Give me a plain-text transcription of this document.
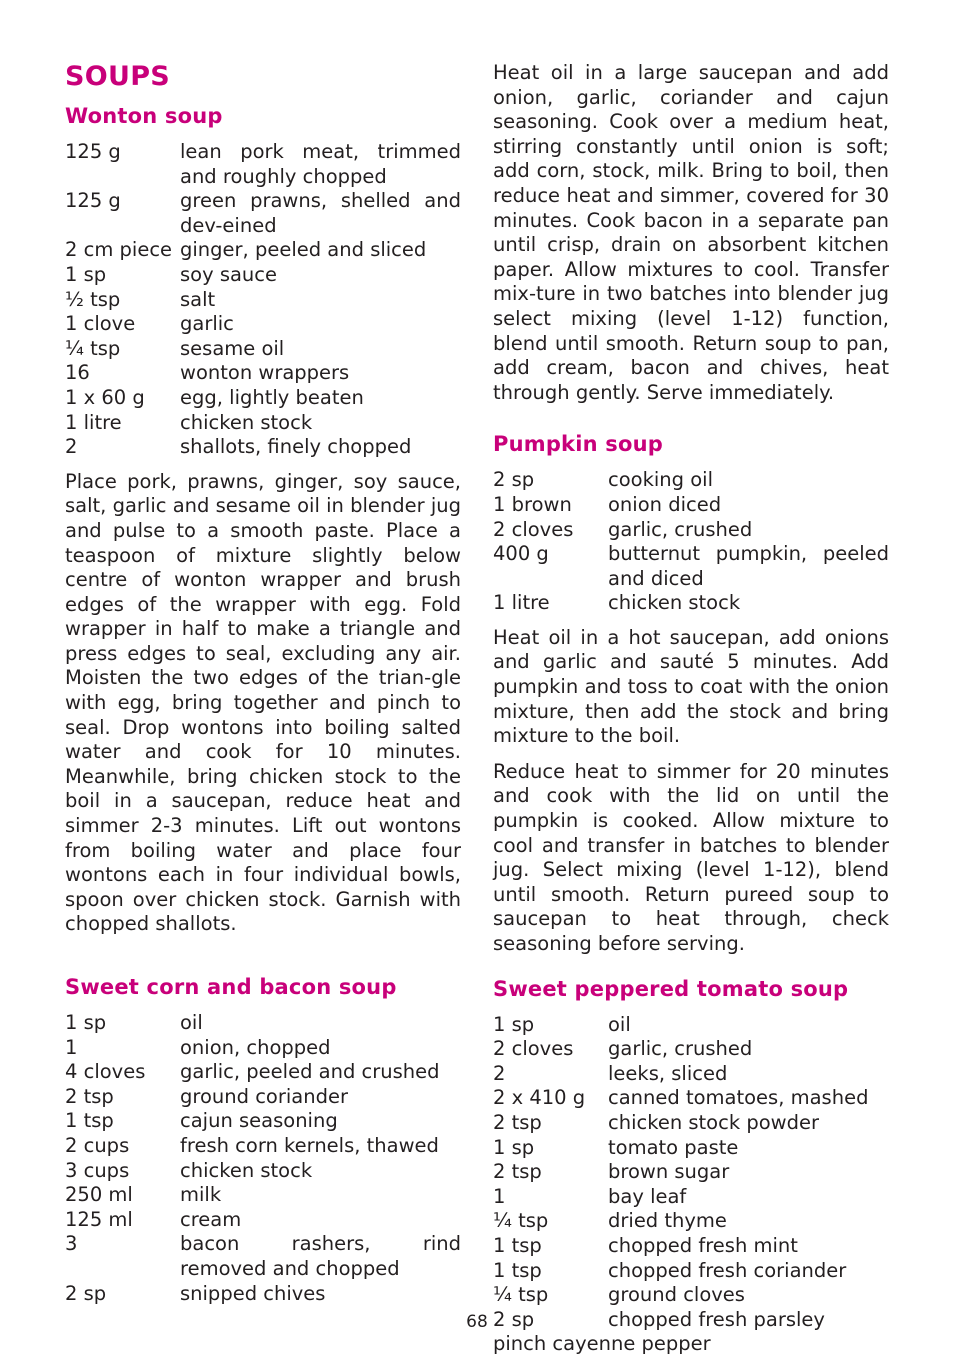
SOUPS
Wonton soup
125 g	lean pork meat, trimmed and roughly chopped
125 g	green prawns, shelled and dev-eined
2 cm piece	ginger, peeled and sliced
1 sp	soy sauce
½ tsp	salt
1 clove	garlic
¼ tsp	sesame oil
16	wonton wrappers
1 x 60 g	egg, lightly beaten
1 litre	chicken stock
2	shallots, finely chopped

Place pork, prawns, ginger, soy sauce, salt, garlic and sesame oil in blender jug and pulse to a smooth paste. Place a teaspoon of mixture slightly below centre of wonton wrapper and brush edges of the wrapper with egg. Fold wrapper in half to make a triangle and press edges to seal, excluding any air. Moisten the two edges of the trian-gle with egg, bring together and pinch to seal. Drop wontons into boiling salted water and cook for 10 minutes. Meanwhile, bring chicken stock to the boil in a saucepan, reduce heat and simmer 2-3 minutes. Lift out wontons from boiling water and place four wontons each in four individual bowls, spoon over chicken stock. Garnish with chopped shallots.

Sweet corn and bacon soup
1 sp	oil
1	onion, chopped
4 cloves	garlic, peeled and crushed
2 tsp	ground coriander
1 tsp	cajun seasoning
2 cups	fresh corn kernels, thawed
3 cups	chicken stock
250 ml	milk
125 ml	cream
3	bacon rashers, rind removed and chopped
2 sp	snipped chives

Heat oil in a large saucepan and add onion, garlic, coriander and cajun seasoning. Cook over a medium heat, stirring constantly until onion is soft; add corn, stock, milk. Bring to boil, then reduce heat and simmer, covered for 30 minutes. Cook bacon in a separate pan until crisp, drain on absorbent kitchen paper. Allow mixtures to cool. Transfer mix-ture in two batches into blender jug select mixing (level 1-12) function, blend until smooth. Return soup to pan, add cream, bacon and chives, heat through gently. Serve immediately.

Pumpkin soup
2 sp	cooking oil
1 brown	onion diced
2 cloves	garlic, crushed
400 g	butternut pumpkin, peeled and diced
1 litre	chicken stock

Heat oil in a hot saucepan, add onions and garlic and sauté 5 minutes. Add pumpkin and toss to coat with the onion mixture, then add the stock and bring mixture to the boil.

Reduce heat to simmer for 20 minutes and cook with the lid on until the pumpkin is cooked. Allow mixture to cool and transfer in batches to blender jug. Select mixing (level 1-12), blend until smooth. Return pureed soup to saucepan to heat through, check seasoning before serving.

Sweet peppered tomato soup
1 sp	oil
2 cloves	garlic, crushed
2	leeks, sliced
2 x 410 g	canned tomatoes, mashed
2 tsp	chicken stock powder
1 sp	tomato paste
2 tsp	brown sugar
1	bay leaf
¼ tsp	dried thyme
1 tsp	chopped fresh mint
1 tsp	chopped fresh coriander
¼ tsp	ground cloves
2 sp	chopped fresh parsley
pinch cayenne pepper	
68
